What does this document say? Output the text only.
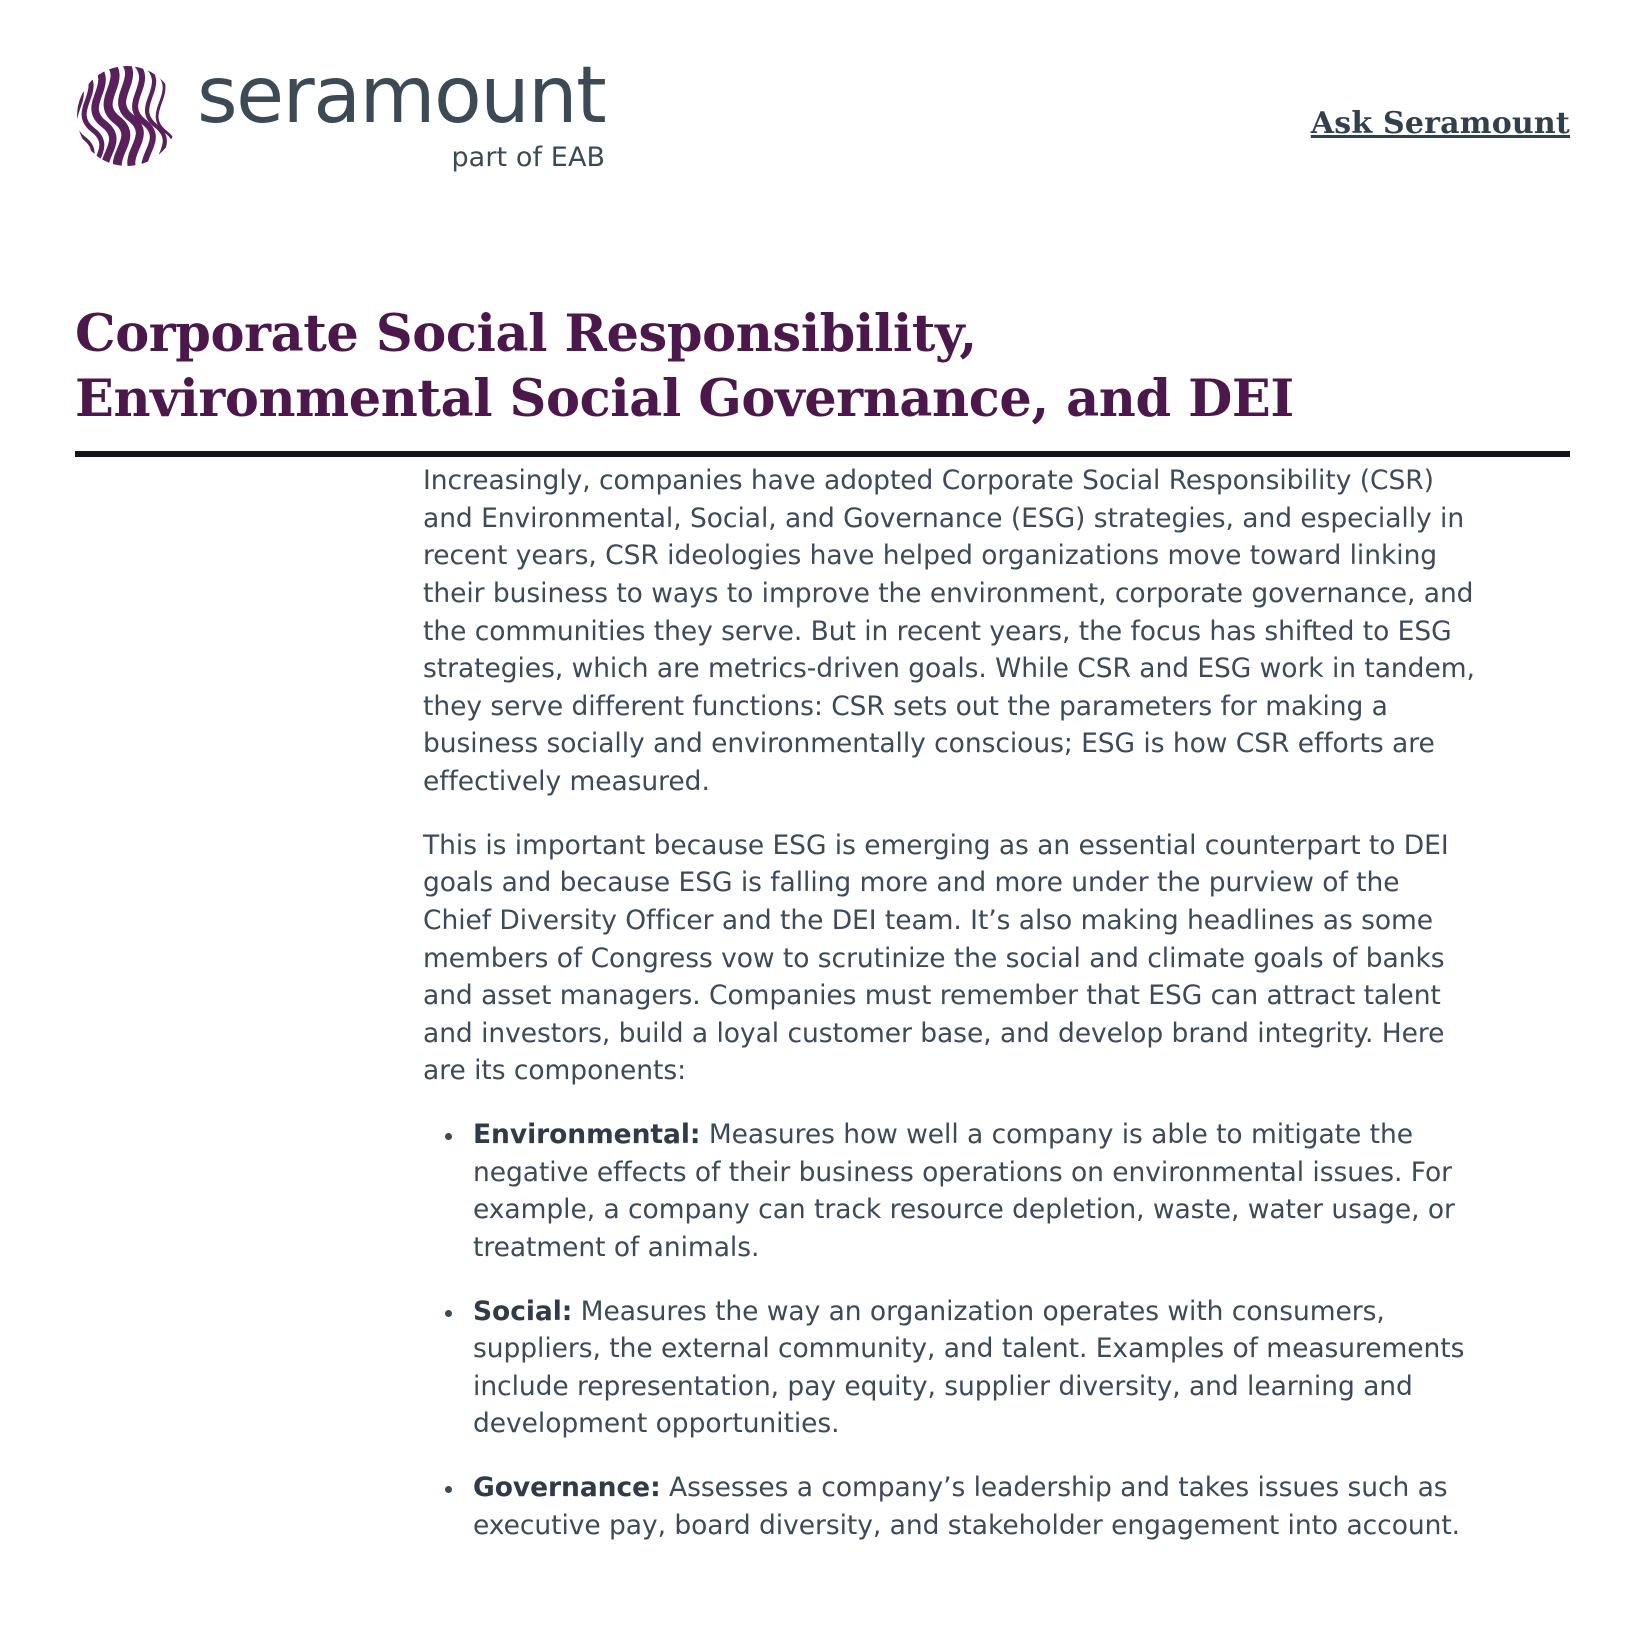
seramount
part of EAB
Ask Seramount
Corporate Social Responsibility, Environmental Social Governance, and DEI

Increasingly, companies have adopted Corporate Social Responsibility (CSR) and Environmental, Social, and Governance (ESG) strategies, and especially in recent years, CSR ideologies have helped organizations move toward linking their business to ways to improve the environment, corporate governance, and the communities they serve. But in recent years, the focus has shifted to ESG strategies, which are metrics-driven goals. While CSR and ESG work in tandem, they serve different functions: CSR sets out the parameters for making a business socially and environmentally conscious; ESG is how CSR efforts are effectively measured.

This is important because ESG is emerging as an essential counterpart to DEI goals and because ESG is falling more and more under the purview of the Chief Diversity Officer and the DEI team. It’s also making headlines as some members of Congress vow to scrutinize the social and climate goals of banks and asset managers. Companies must remember that ESG can attract talent and investors, build a loyal customer base, and develop brand integrity. Here are its components:

Environmental: Measures how well a company is able to mitigate the negative effects of their business operations on environmental issues. For example, a company can track resource depletion, waste, water usage, or treatment of animals.
Social: Measures the way an organization operates with consumers, suppliers, the external community, and talent. Examples of measurements include representation, pay equity, supplier diversity, and learning and development opportunities.
Governance: Assesses a company’s leadership and takes issues such as executive pay, board diversity, and stakeholder engagement into account.
